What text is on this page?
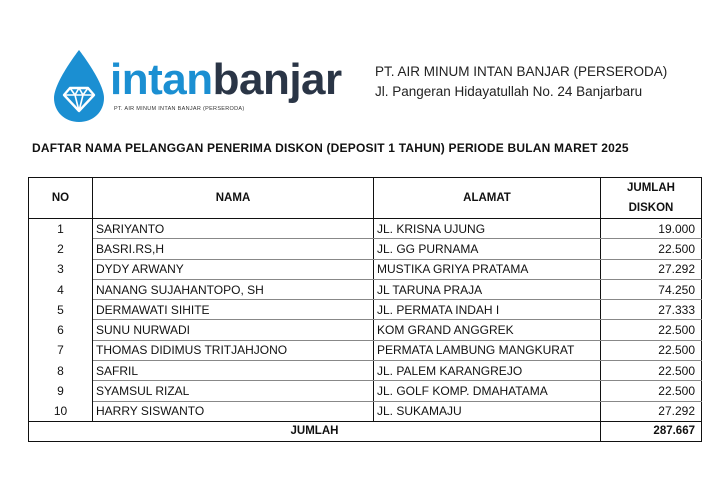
intanbanjar
PT. AIR MINUM INTAN BANJAR (PERSERODA)
PT. AIR MINUM INTAN BANJAR (PERSERODA)
Jl. Pangeran Hidayatullah No. 24 Banjarbaru
DAFTAR NAMA PELANGGAN PENERIMA DISKON (DEPOSIT 1 TAHUN) PERIODE BULAN MARET 2025
NO	NAMA	ALAMAT	JUMLAH
DISKON

1	SARIYANTO	JL. KRISNA UJUNG	19.000
2	BASRI.RS,H	JL. GG PURNAMA	22.500
3	DYDY ARWANY	MUSTIKA GRIYA PRATAMA	27.292
4	NANANG SUJAHANTOPO, SH	JL TARUNA PRAJA	74.250
5	DERMAWATI SIHITE	JL. PERMATA INDAH I	27.333
6	SUNU NURWADI	KOM GRAND ANGGREK	22.500
7	THOMAS DIDIMUS TRITJAHJONO	PERMATA LAMBUNG MANGKURAT	22.500
8	SAFRIL	JL. PALEM KARANGREJO	22.500
9	SYAMSUL RIZAL	JL. GOLF KOMP. DMAHATAMA	22.500
10	HARRY SISWANTO	JL. SUKAMAJU	27.292
JUMLAH			287.667
